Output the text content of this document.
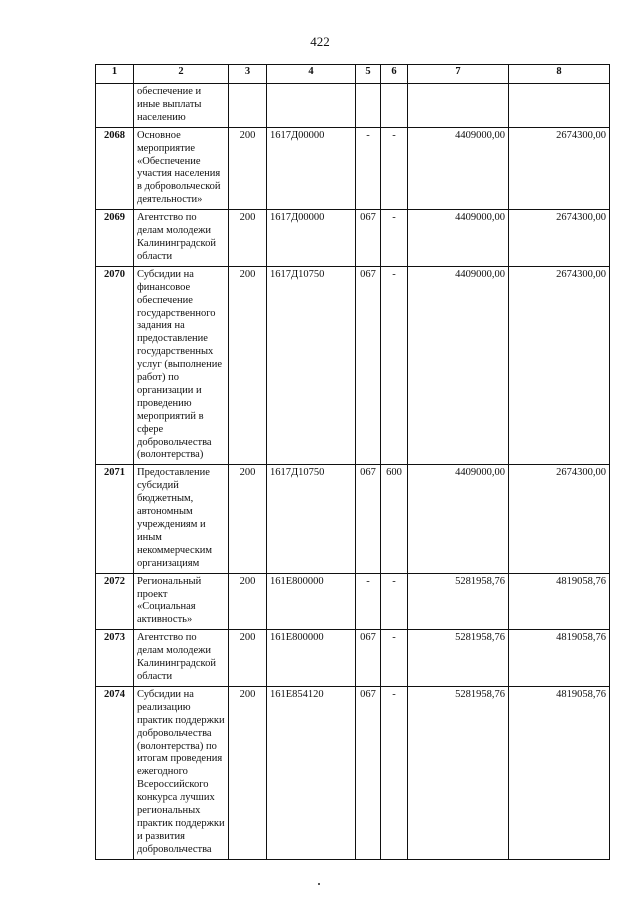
422
1	2	3	4	5	6	7	8
	обеспечение и иные выплаты населению						
2068	Основное мероприятие «Обеспечение участия населения в добровольческой деятельности»	200	1617Д00000	-	-	4409000,00	2674300,00
2069	Агентство по делам молодежи Калининградской области	200	1617Д00000	067	-	4409000,00	2674300,00
2070	Субсидии на финансовое обеспечение государственного задания на предоставление государственных услуг (выполнение работ) по организации и проведению мероприятий в сфере добровольчества (волонтерства)	200	1617Д10750	067	-	4409000,00	2674300,00
2071	Предоставление субсидий бюджетным, автономным учреждениям и иным некоммерческим организациям	200	1617Д10750	067	600	4409000,00	2674300,00
2072	Региональный проект «Социальная активность»	200	161E800000	-	-	5281958,76	4819058,76
2073	Агентство по делам молодежи Калининградской области	200	161E800000	067	-	5281958,76	4819058,76
2074	Субсидии на реализацию практик поддержки добровольчества (волонтерства) по итогам проведения ежегодного Всероссийского конкурса лучших региональных практик поддержки и развития добровольчества	200	161E854120	067	-	5281958,76	4819058,76
